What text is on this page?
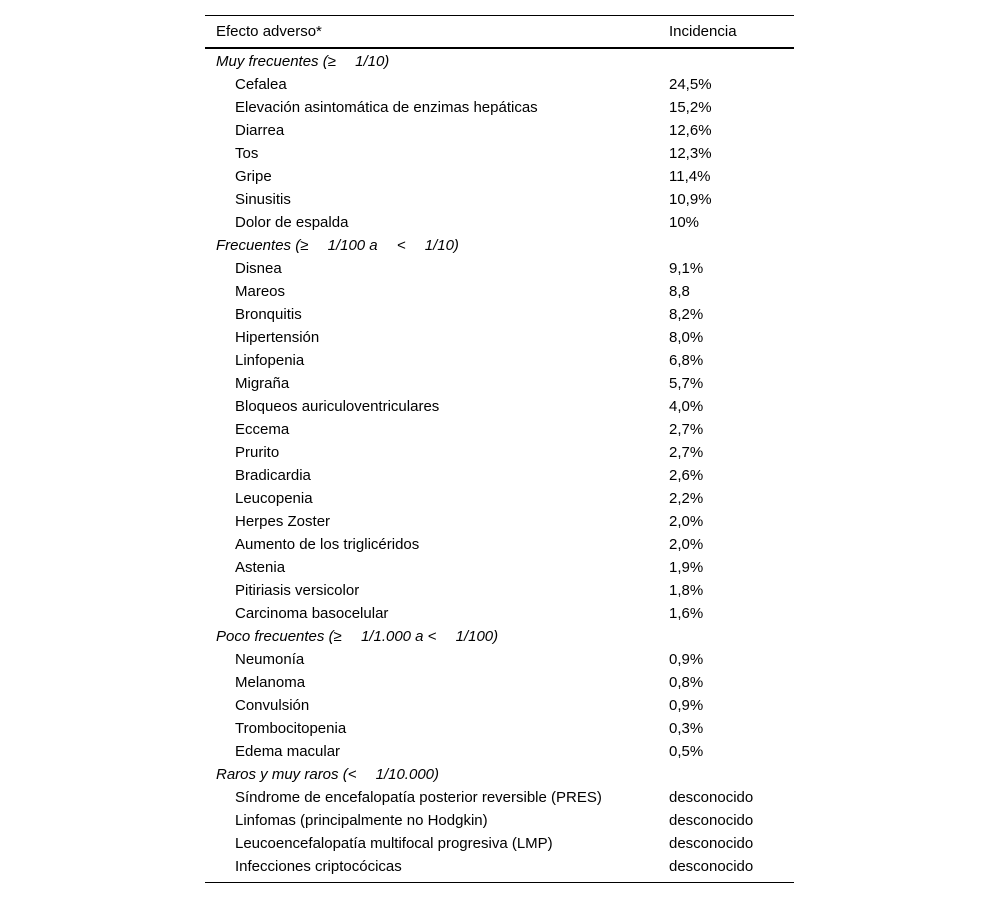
Efecto adverso*	Incidencia
Muy frecuentes (≥  1/10)
Cefalea	24,5%
Elevación asintomática de enzimas hepáticas	15,2%
Diarrea	12,6%
Tos	12,3%
Gripe	11,4%
Sinusitis	10,9%
Dolor de espalda	10%
Frecuentes (≥  1/100 a  <  1/10)
Disnea	9,1%
Mareos	8,8
Bronquitis	8,2%
Hipertensión	8,0%
Linfopenia	6,8%
Migraña	5,7%
Bloqueos auriculoventriculares	4,0%
Eccema	2,7%
Prurito	2,7%
Bradicardia	2,6%
Leucopenia	2,2%
Herpes Zoster	2,0%
Aumento de los triglicéridos	2,0%
Astenia	1,9%
Pitiriasis versicolor	1,8%
Carcinoma basocelular	1,6%
Poco frecuentes (≥  1/1.000 a <  1/100)
Neumonía	0,9%
Melanoma	0,8%
Convulsión	0,9%
Trombocitopenia	0,3%
Edema macular	0,5%
Raros y muy raros (<  1/10.000)
Síndrome de encefalopatía posterior reversible (PRES)	desconocido
Linfomas (principalmente no Hodgkin)	desconocido
Leucoencefalopatía multifocal progresiva (LMP)	desconocido
Infecciones criptocócicas	desconocido
